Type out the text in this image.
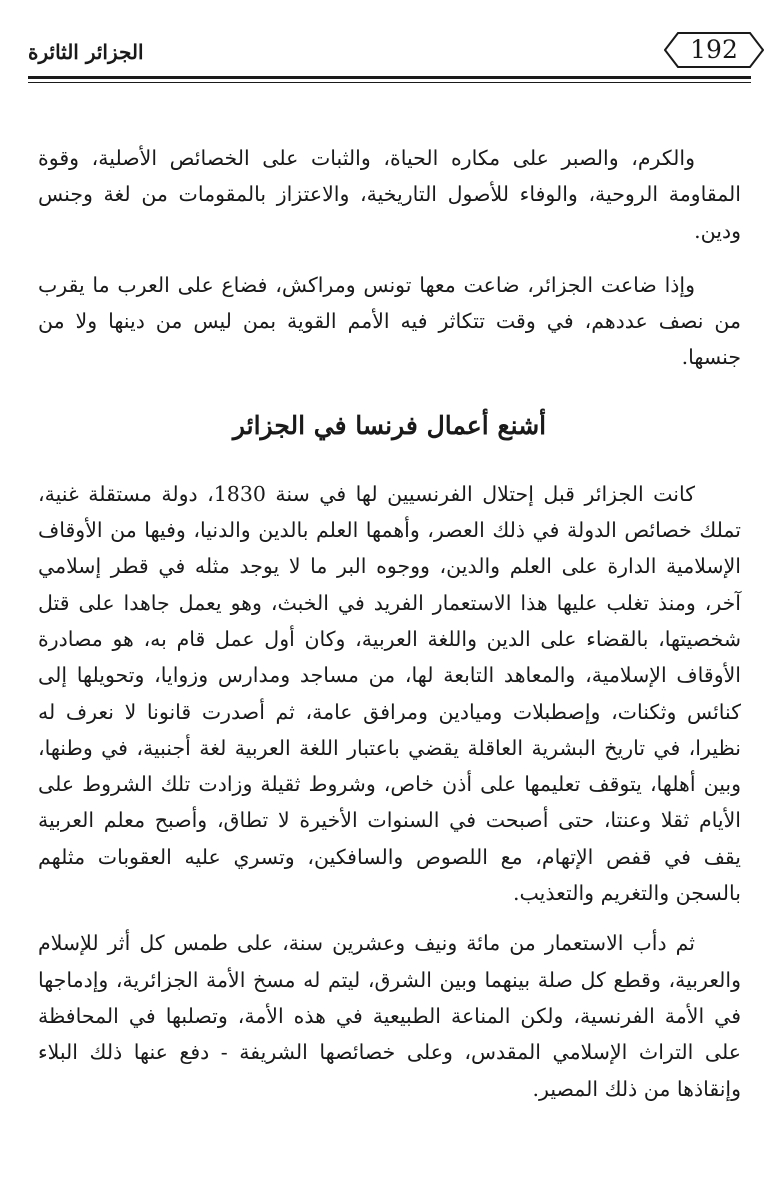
192
الجزائر الثائرة

والكرم، والصبر على مكاره الحياة، والثبات على الخصائص الأصلية، وقوة المقاومة الروحية، والوفاء للأصول التاريخية، والاعتزاز بالمقومات من لغة وجنس ودين.

وإذا ضاعت الجزائر، ضاعت معها تونس ومراكش، فضاع على العرب ما يقرب من نصف عددهم، في وقت تتكاثر فيه الأمم القوية بمن ليس من دينها ولا من جنسها.

أشنع أعمال فرنسا في الجزائر

كانت الجزائر قبل إحتلال الفرنسيين لها في سنة 1830، دولة مستقلة غنية، تملك خصائص الدولة في ذلك العصر، وأهمها العلم بالدين والدنيا، وفيها من الأوقاف الإسلامية الدارة على العلم والدين، ووجوه البر ما لا يوجد مثله في قطر إسلامي آخر، ومنذ تغلب عليها هذا الاستعمار الفريد في الخبث، وهو يعمل جاهدا على قتل شخصيتها، بالقضاء على الدين واللغة العربية، وكان أول عمل قام به، هو مصادرة الأوقاف الإسلامية، والمعاهد التابعة لها، من مساجد ومدارس وزوايا، وتحويلها إلى كنائس وثكنات، وإصطبلات وميادين ومرافق عامة، ثم أصدرت قانونا لا نعرف له نظيرا، في تاريخ البشرية العاقلة يقضي باعتبار اللغة العربية لغة أجنبية، في وطنها، وبين أهلها، يتوقف تعليمها على أذن خاص، وشروط ثقيلة وزادت تلك الشروط على الأيام ثقلا وعنتا، حتى أصبحت في السنوات الأخيرة لا تطاق، وأصبح معلم العربية يقف في قفص الإتهام، مع اللصوص والسافكين، وتسري عليه العقوبات مثلهم بالسجن والتغريم والتعذيب.

ثم دأب الاستعمار من مائة ونيف وعشرين سنة، على طمس كل أثر للإسلام والعربية، وقطع كل صلة بينهما وبين الشرق، ليتم له مسخ الأمة الجزائرية، وإدماجها في الأمة الفرنسية، ولكن المناعة الطبيعية في هذه الأمة، وتصلبها في المحافظة على التراث الإسلامي المقدس، وعلى خصائصها الشريفة - دفع عنها ذلك البلاء وإنقاذها من ذلك المصير.
